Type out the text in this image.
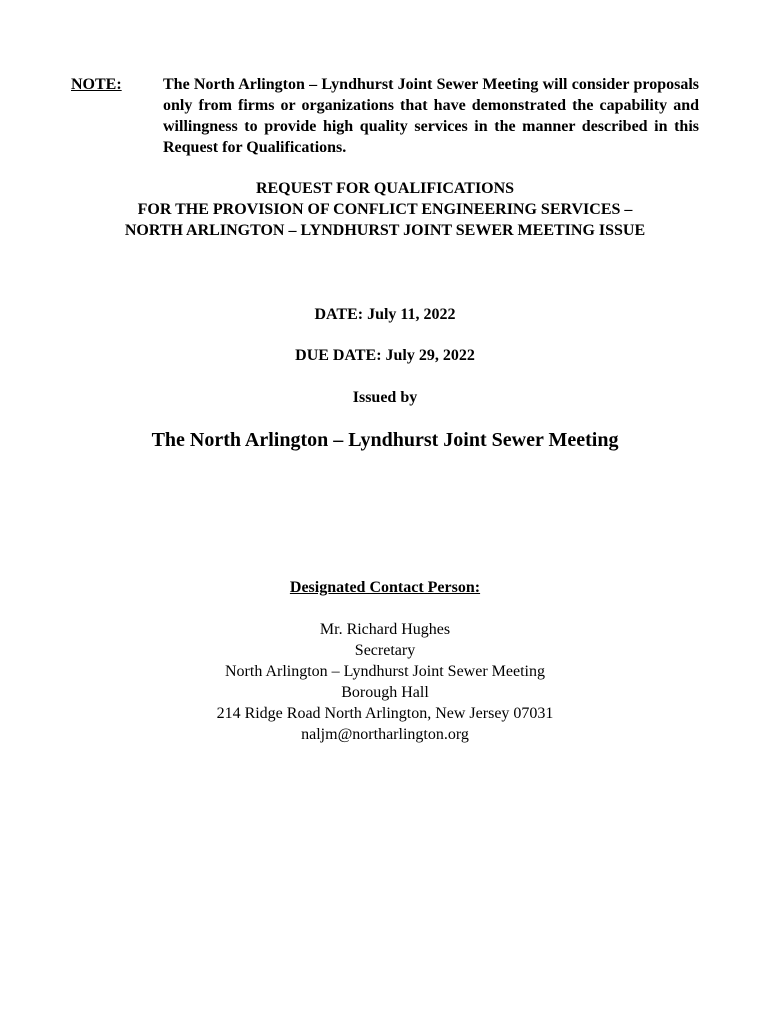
NOTE:	The North Arlington – Lyndhurst Joint Sewer Meeting will consider proposals only from firms or organizations that have demonstrated the capability and willingness to provide high quality services in the manner described in this Request for Qualifications.
REQUEST FOR QUALIFICATIONS
FOR THE PROVISION OF CONFLICT ENGINEERING SERVICES –
NORTH ARLINGTON – LYNDHURST JOINT SEWER MEETING ISSUE
DATE: July 11, 2022
DUE DATE: July 29, 2022
Issued by
The North Arlington – Lyndhurst Joint Sewer Meeting
Designated Contact Person:
Mr. Richard Hughes
Secretary
North Arlington – Lyndhurst Joint Sewer Meeting
Borough Hall
214 Ridge Road North Arlington, New Jersey 07031
naljm@northarlington.org
